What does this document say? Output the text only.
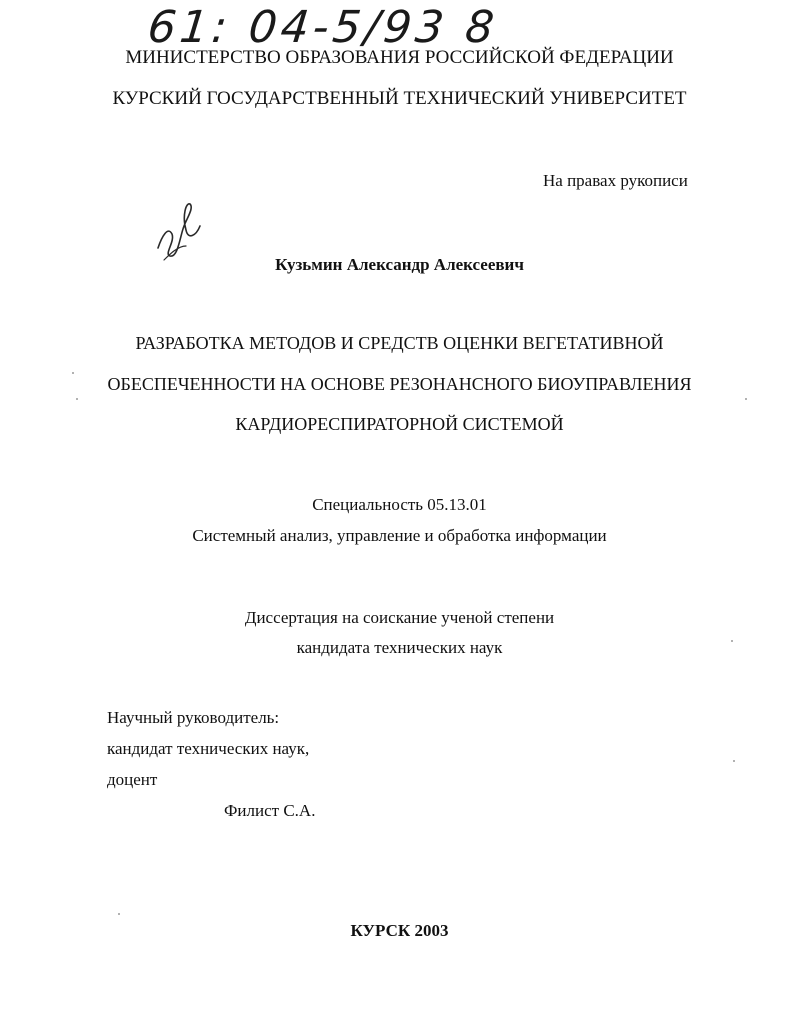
61: 04-5/93 8
МИНИСТЕРСТВО ОБРАЗОВАНИЯ РОССИЙСКОЙ ФЕДЕРАЦИИ
КУРСКИЙ ГОСУДАРСТВЕННЫЙ ТЕХНИЧЕСКИЙ УНИВЕРСИТЕТ
На правах рукописи
Кузьмин Александр Алексеевич
РАЗРАБОТКА МЕТОДОВ И СРЕДСТВ ОЦЕНКИ ВЕГЕТАТИВНОЙ
ОБЕСПЕЧЕННОСТИ НА ОСНОВЕ РЕЗОНАНСНОГО БИОУПРАВЛЕНИЯ
КАРДИОРЕСПИРАТОРНОЙ СИСТЕМОЙ
Специальность 05.13.01
Системный анализ, управление и обработка информации
Диссертация на соискание ученой степени
кандидата технических наук
Научный руководитель:
кандидат технических наук,
доцент
Филист С.А.
КУРСК 2003
